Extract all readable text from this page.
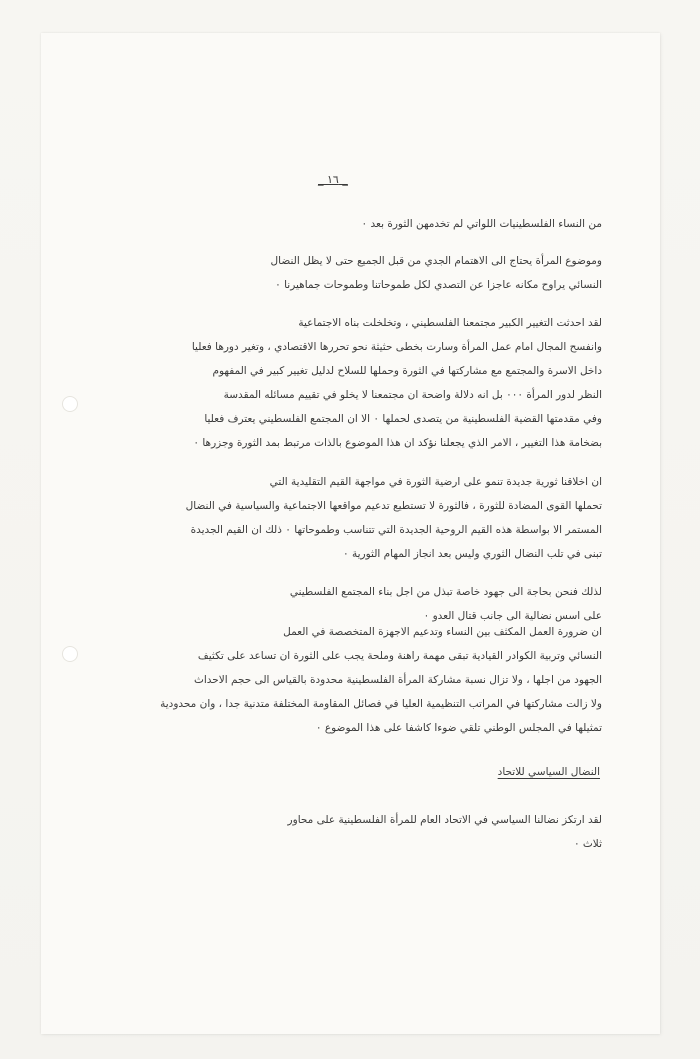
_ ١٦ _

من النساء الفلسطينيات اللواتي لم تخدمهن الثورة بعد ٠

وموضوع المرأة يحتاج الى الاهتمام الجدي من قبل الجميع حتى لا يظل النضال

النسائي يراوح مكانه عاجزا عن التصدي لكل طموحاتنا وطموحات جماهيرنا ٠

لقد احدثت التغيير الكبير مجتمعنا الفلسطيني ، وتخلخلت بناه الاجتماعية

وانفسح المجال امام عمل المرأة وسارت بخطى حثيثة نحو تحررها الاقتصادي ، وتغير دورها فعليا

داخل الاسرة والمجتمع مع مشاركتها في الثورة وحملها للسلاح لدليل تغيير كبير في المفهوم

النظر لدور المرأة ٠٠٠ بل انه دلالة واضحة ان مجتمعنا لا يخلو في تقييم مسائله المقدسة

وفي مقدمتها القضية الفلسطينية من يتصدى لحملها ٠ الا ان المجتمع الفلسطيني يعترف فعليا

بضخامة هذا التغيير ، الامر الذي يجعلنا نؤكد ان هذا الموضوع بالذات مرتبط بمد الثورة وجزرها ٠

ان اخلاقنا ثورية جديدة تنمو على ارضية الثورة في مواجهة القيم التقليدية التي

تحملها القوى المضادة للثورة ، فالثورة لا تستطيع تدعيم مواقعها الاجتماعية والسياسية في النضال

المستمر الا بواسطة هذه القيم الروحية الجديدة التي تتناسب وطموحاتها ٠ ذلك ان القيم الجديدة

تبنى في تلب النضال الثوري وليس بعد انجاز المهام الثورية ٠

لذلك فنحن بحاجة الى جهود خاصة تبذل من اجل بناء المجتمع الفلسطيني

على اسس نضالية الى جانب قتال العدو ٠

ان ضرورة العمل المكثف بين النساء وتدعيم الاجهزة المتخصصة في العمل

النسائي وتربية الكوادر القيادية تبقى مهمة راهنة وملحة يجب على الثورة ان تساعد على تكثيف

الجهود من اجلها ، ولا تزال نسبة مشاركة المرأة الفلسطينية محدودة بالقياس الى حجم الاحداث

ولا زالت مشاركتها في المراتب التنظيمية العليا في فصائل المقاومة المختلفة متدنية جدا ، وان محدودية

تمثيلها في المجلس الوطني تلقي ضوءا كاشفا على هذا الموضوع ٠

النضال السياسي للاتحاد

لقد ارتكز نضالنا السياسي في الاتحاد العام للمرأة الفلسطينية على محاور

ثلاث ٠
